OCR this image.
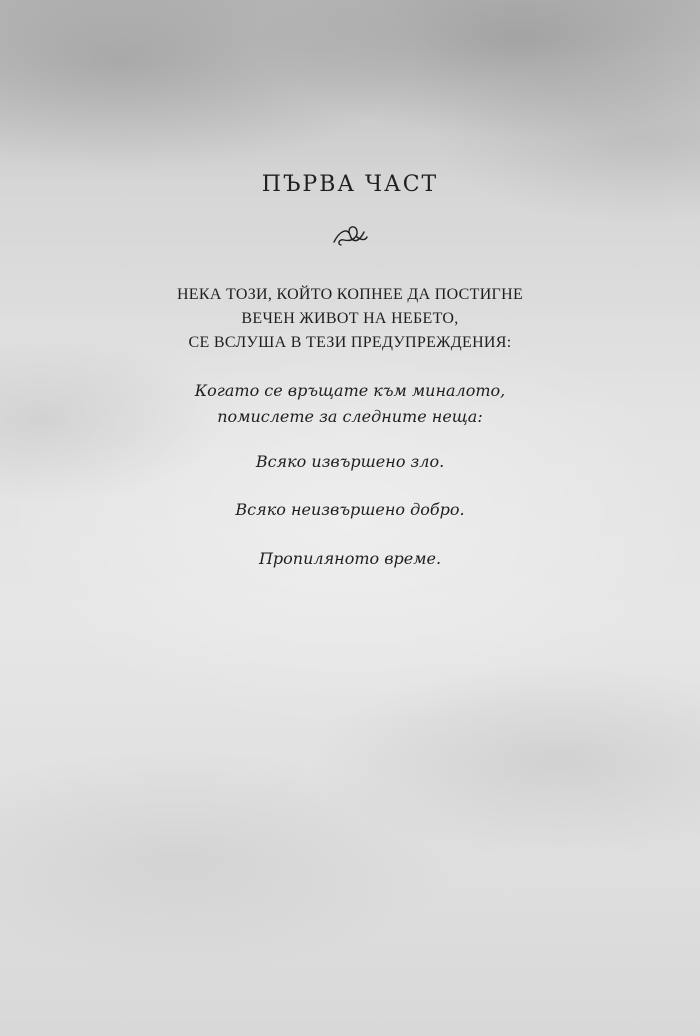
ПЪРВА ЧАСТ
НЕКА ТОЗИ, КОЙТО КОПНЕЕ ДА ПОСТИГНЕ
ВЕЧЕН ЖИВОТ НА НЕБЕТО,
СЕ ВСЛУША В ТЕЗИ ПРЕДУПРЕЖДЕНИЯ:
Когато се връщате към миналото,
помислете за следните неща:
Всяко извършено зло.
Всяко неизвършено добро.
Пропиляното време.
